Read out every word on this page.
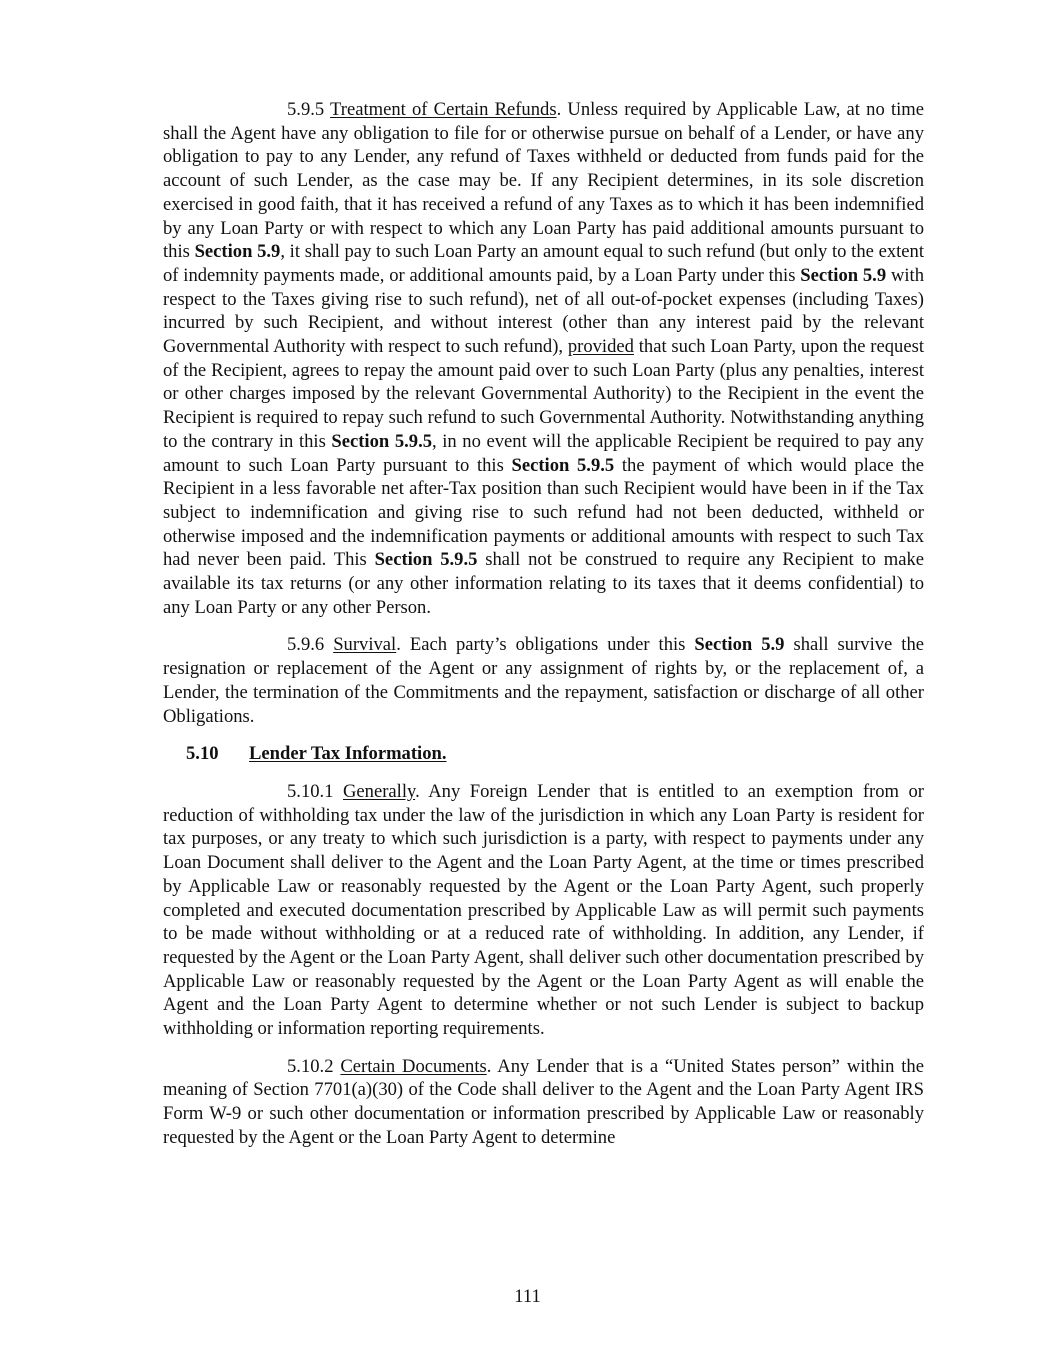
5.9.5 Treatment of Certain Refunds. Unless required by Applicable Law, at no time shall the Agent have any obligation to file for or otherwise pursue on behalf of a Lender, or have any obligation to pay to any Lender, any refund of Taxes withheld or deducted from funds paid for the account of such Lender, as the case may be. If any Recipient determines, in its sole discretion exercised in good faith, that it has received a refund of any Taxes as to which it has been indemnified by any Loan Party or with respect to which any Loan Party has paid additional amounts pursuant to this Section 5.9, it shall pay to such Loan Party an amount equal to such refund (but only to the extent of indemnity payments made, or additional amounts paid, by a Loan Party under this Section 5.9 with respect to the Taxes giving rise to such refund), net of all out-of-pocket expenses (including Taxes) incurred by such Recipient, and without interest (other than any interest paid by the relevant Governmental Authority with respect to such refund), provided that such Loan Party, upon the request of the Recipient, agrees to repay the amount paid over to such Loan Party (plus any penalties, interest or other charges imposed by the relevant Governmental Authority) to the Recipient in the event the Recipient is required to repay such refund to such Governmental Authority. Notwithstanding anything to the contrary in this Section 5.9.5, in no event will the applicable Recipient be required to pay any amount to such Loan Party pursuant to this Section 5.9.5 the payment of which would place the Recipient in a less favorable net after-Tax position than such Recipient would have been in if the Tax subject to indemnification and giving rise to such refund had not been deducted, withheld or otherwise imposed and the indemnification payments or additional amounts with respect to such Tax had never been paid. This Section 5.9.5 shall not be construed to require any Recipient to make available its tax returns (or any other information relating to its taxes that it deems confidential) to any Loan Party or any other Person.

5.9.6 Survival. Each party’s obligations under this Section 5.9 shall survive the resignation or replacement of the Agent or any assignment of rights by, or the replacement of, a Lender, the termination of the Commitments and the repayment, satisfaction or discharge of all other Obligations.

5.10 Lender Tax Information.

5.10.1 Generally. Any Foreign Lender that is entitled to an exemption from or reduction of withholding tax under the law of the jurisdiction in which any Loan Party is resident for tax purposes, or any treaty to which such jurisdiction is a party, with respect to payments under any Loan Document shall deliver to the Agent and the Loan Party Agent, at the time or times prescribed by Applicable Law or reasonably requested by the Agent or the Loan Party Agent, such properly completed and executed documentation prescribed by Applicable Law as will permit such payments to be made without withholding or at a reduced rate of withholding. In addition, any Lender, if requested by the Agent or the Loan Party Agent, shall deliver such other documentation prescribed by Applicable Law or reasonably requested by the Agent or the Loan Party Agent as will enable the Agent and the Loan Party Agent to determine whether or not such Lender is subject to backup withholding or information reporting requirements.

5.10.2 Certain Documents. Any Lender that is a “United States person” within the meaning of Section 7701(a)(30) of the Code shall deliver to the Agent and the Loan Party Agent IRS Form W-9 or such other documentation or information prescribed by Applicable Law or reasonably requested by the Agent or the Loan Party Agent to determine

111
